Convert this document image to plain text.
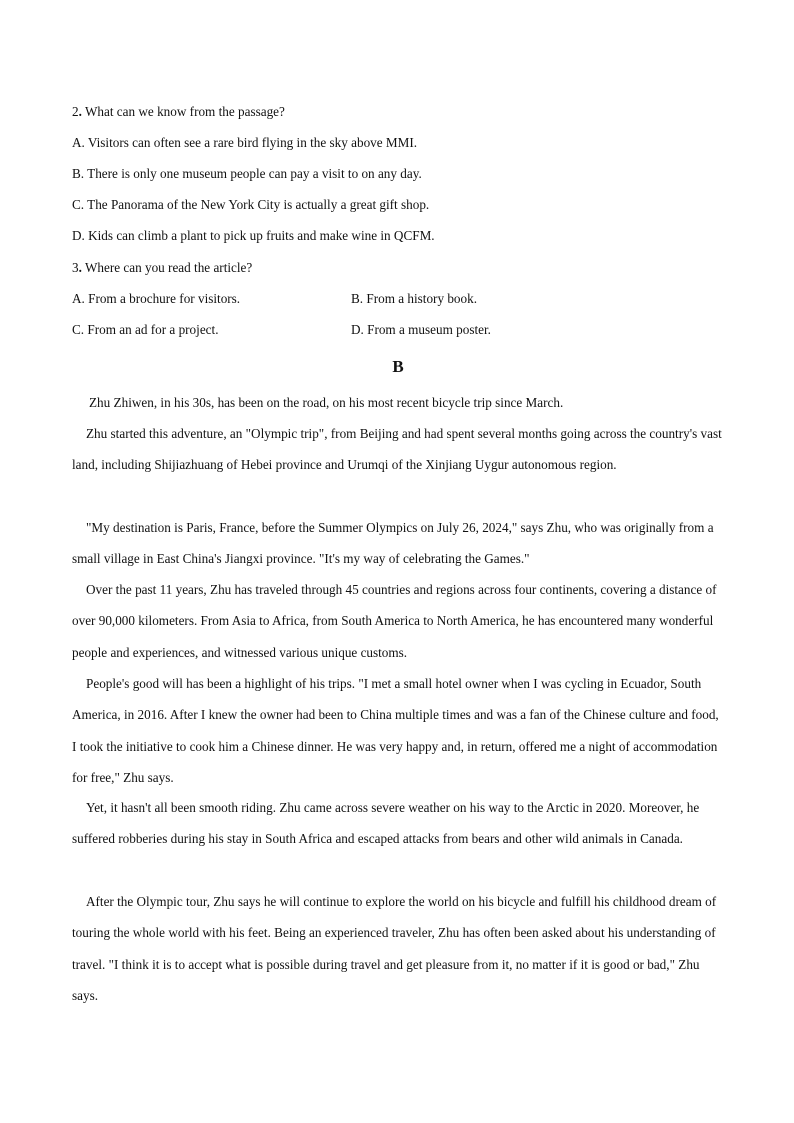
2. What can we know from the passage?
A. Visitors can often see a rare bird flying in the sky above MMI.
B. There is only one museum people can pay a visit to on any day.
C. The Panorama of the New York City is actually a great gift shop.
D. Kids can climb a plant to pick up fruits and make wine in QCFM.
3. Where can you read the article?
A. From a brochure for visitors.	B. From a history book.
C. From an ad for a project.	D. From a museum poster.
B
Zhu Zhiwen, in his 30s, has been on the road, on his most recent bicycle trip since March.
Zhu started this adventure, an "Olympic trip", from Beijing and had spent several months going across the country's vast land, including Shijiazhuang of Hebei province and Urumqi of the Xinjiang Uygur autonomous region.
"My destination is Paris, France, before the Summer Olympics on July 26, 2024," says Zhu, who was originally from a small village in East China's Jiangxi province. "It's my way of celebrating the Games."
Over the past 11 years, Zhu has traveled through 45 countries and regions across four continents, covering a distance of over 90,000 kilometers. From Asia to Africa, from South America to North America, he has encountered many wonderful people and experiences, and witnessed various unique customs.
People's good will has been a highlight of his trips. "I met a small hotel owner when I was cycling in Ecuador, South America, in 2016. After I knew the owner had been to China multiple times and was a fan of the Chinese culture and food, I took the initiative to cook him a Chinese dinner. He was very happy and, in return, offered me a night of accommodation for free," Zhu says.
Yet, it hasn't all been smooth riding. Zhu came across severe weather on his way to the Arctic in 2020. Moreover, he suffered robberies during his stay in South Africa and escaped attacks from bears and other wild animals in Canada.
After the Olympic tour, Zhu says he will continue to explore the world on his bicycle and fulfill his childhood dream of touring the whole world with his feet. Being an experienced traveler, Zhu has often been asked about his understanding of travel. "I think it is to accept what is possible during travel and get pleasure from it, no matter if it is good or bad," Zhu says.
